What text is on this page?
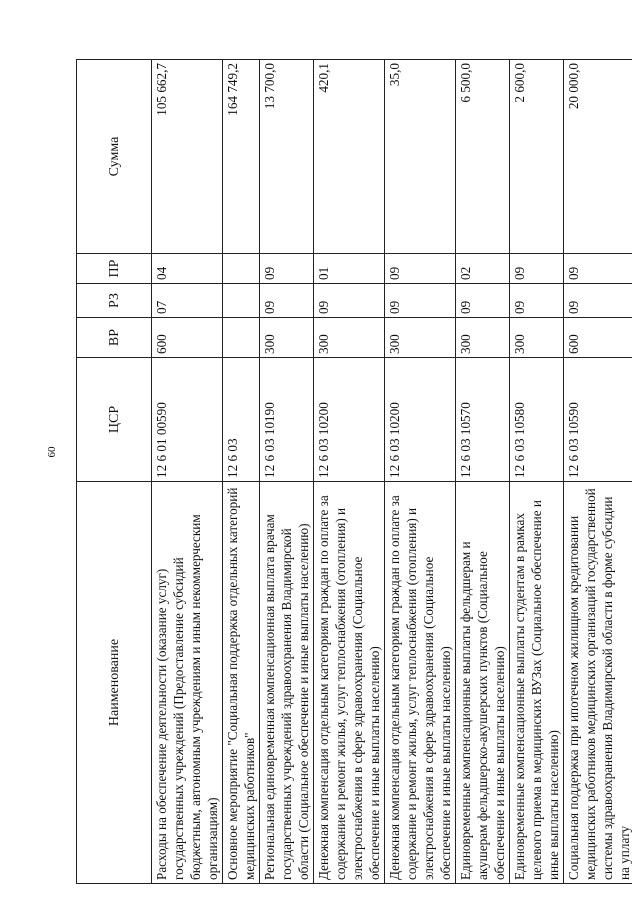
60
Наименование	ЦСР	ВР	РЗ	ПР	Сумма
Расходы на обеспечение деятельности (оказание услуг) государственных учреждений (Предоставление субсидий бюджетным, автономным учреждениям и иным некоммерческим организациям)	12 6 01 00590	600	07	04	105 662,7
Основное мероприятие "Социальная поддержка отдельных категорий медицинских работников"	12 6 03				164 749,2
Региональная единовременная компенсационная выплата врачам государственных учреждений здравоохранения Владимирской области (Социальное обеспечение и иные выплаты населению)	12 6 03 10190	300	09	09	13 700,0
Денежная компенсация отдельным категориям граждан по оплате за содержание и ремонт жилья, услуг теплоснабжения (отопления) и электроснабжения в сфере здравоохранения (Социальное обеспечение и иные выплаты населению)	12 6 03 10200	300	09	01	420,1
Денежная компенсация отдельным категориям граждан по оплате за содержание и ремонт жилья, услуг теплоснабжения (отопления) и электроснабжения в сфере здравоохранения (Социальное обеспечение и иные выплаты населению)	12 6 03 10200	300	09	09	35,0
Единовременные компенсационные выплаты фельдшерам и акушерам фельдшерско-акушерских пунктов (Социальное обеспечение и иные выплаты населению)	12 6 03 10570	300	09	02	6 500,0
Единовременные компенсационные выплаты студентам в рамках целевого приема в медицинских ВУЗах (Социальное обеспечение и иные выплаты населению)	12 6 03 10580	300	09	09	2 600,0
Социальная поддержка при ипотечном жилищном кредитовании медицинских работников медицинских организаций государственной системы здравоохранения Владимирской области в форме субсидии на уплату	12 6 03 10590	600	09	09	20 000,0
